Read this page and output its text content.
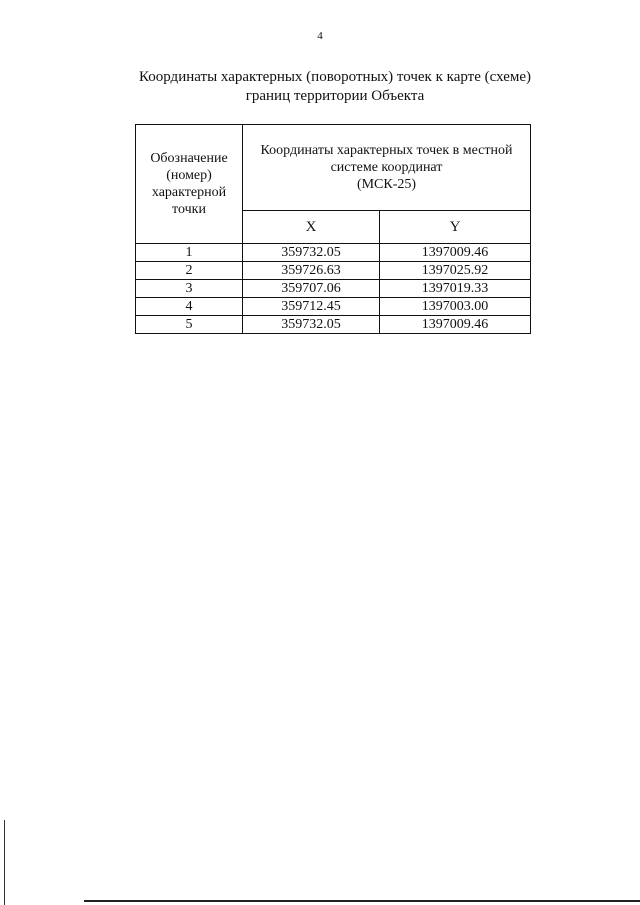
4
Координаты характерных (поворотных) точек к карте (схеме)
границ территории Объекта
Обозначение
(номер)
характерной
точки	Координаты характерных точек в местной
системе координат
(МСК-25)	

	X	Y
1	359732.05	1397009.46
2	359726.63	1397025.92
3	359707.06	1397019.33
4	359712.45	1397003.00
5	359732.05	1397009.46
